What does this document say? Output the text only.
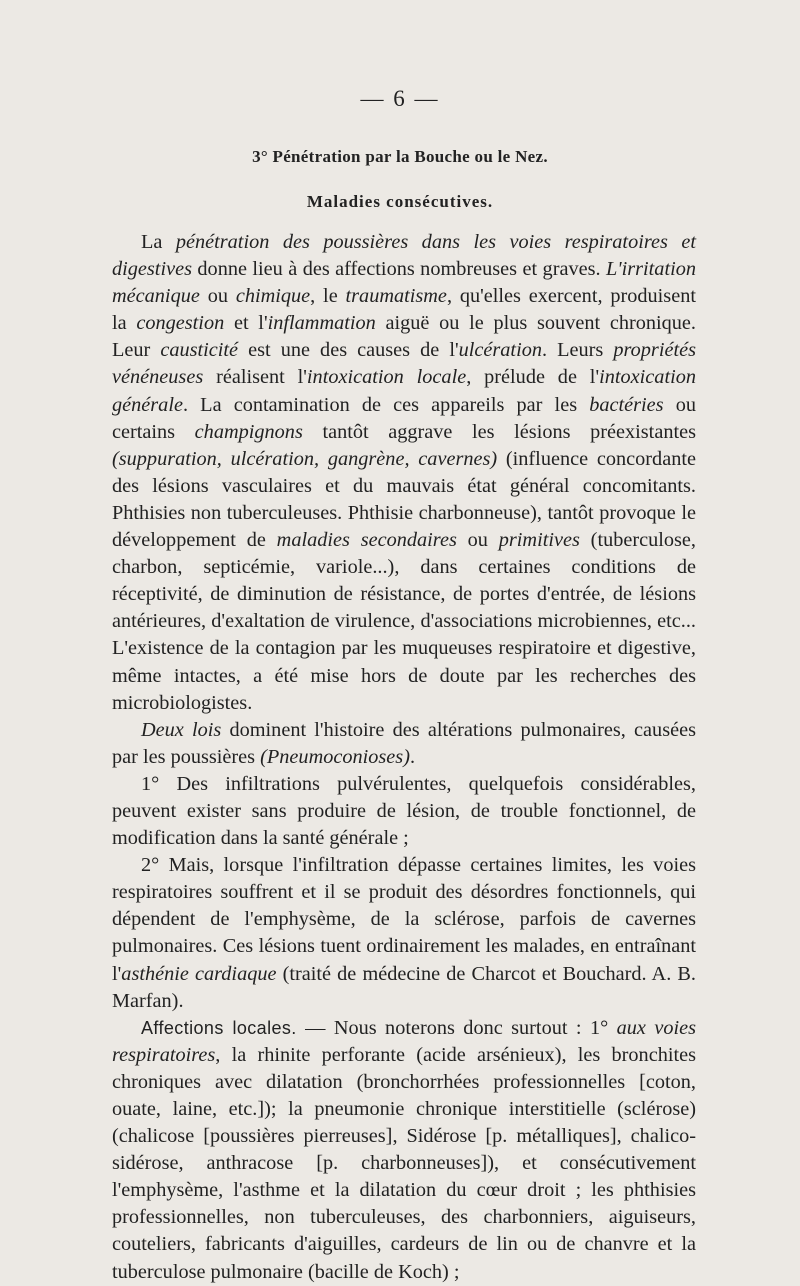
— 6 —
3° Pénétration par la Bouche ou le Nez.
Maladies consécutives.

La pénétration des poussières dans les voies respiratoires et digestives donne lieu à des affections nombreuses et graves. L'irritation mécanique ou chimique, le traumatisme, qu'elles exercent, produisent la congestion et l'inflammation aiguë ou le plus souvent chronique. Leur causticité est une des causes de l'ulcération. Leurs propriétés vénéneuses réalisent l'intoxication locale, prélude de l'intoxication générale. La contamination de ces appareils par les bactéries ou certains champignons tantôt aggrave les lésions préexistantes (suppuration, ulcération, gangrène, cavernes) (influence concordante des lésions vasculaires et du mauvais état général concomitants. Phthisies non tuberculeuses. Phthisie charbonneuse), tantôt provoque le développement de maladies secondaires ou primitives (tuberculose, charbon, septicémie, variole...), dans certaines conditions de réceptivité, de diminution de résistance, de portes d'entrée, de lésions antérieures, d'exaltation de virulence, d'associations microbiennes, etc... L'existence de la contagion par les muqueuses respiratoire et digestive, même intactes, a été mise hors de doute par les recherches des microbiologistes.

Deux lois dominent l'histoire des altérations pulmonaires, causées par les poussières (Pneumoconioses).

1° Des infiltrations pulvérulentes, quelquefois considérables, peuvent exister sans produire de lésion, de trouble fonctionnel, de modification dans la santé générale ;

2° Mais, lorsque l'infiltration dépasse certaines limites, les voies respiratoires souffrent et il se produit des désordres fonctionnels, qui dépendent de l'emphysème, de la sclérose, parfois de cavernes pulmonaires. Ces lésions tuent ordinairement les malades, en entraînant l'asthénie cardiaque (traité de médecine de Charcot et Bouchard. A. B. Marfan).

Affections locales. — Nous noterons donc surtout : 1° aux voies respiratoires, la rhinite perforante (acide arsénieux), les bronchites chroniques avec dilatation (bronchorrhées professionnelles [coton, ouate, laine, etc.]); la pneumonie chronique interstitielle (sclérose) (chalicose [poussières pierreuses], Sidérose [p. métalliques], chalico-sidérose, anthracose [p. charbonneuses]), et consécutivement l'emphysème, l'asthme et la dilatation du cœur droit ; les phthisies professionnelles, non tuberculeuses, des charbonniers, aiguiseurs, couteliers, fabricants d'aiguilles, cardeurs de lin ou de chanvre et la tuberculose pulmonaire (bacille de Koch) ;
